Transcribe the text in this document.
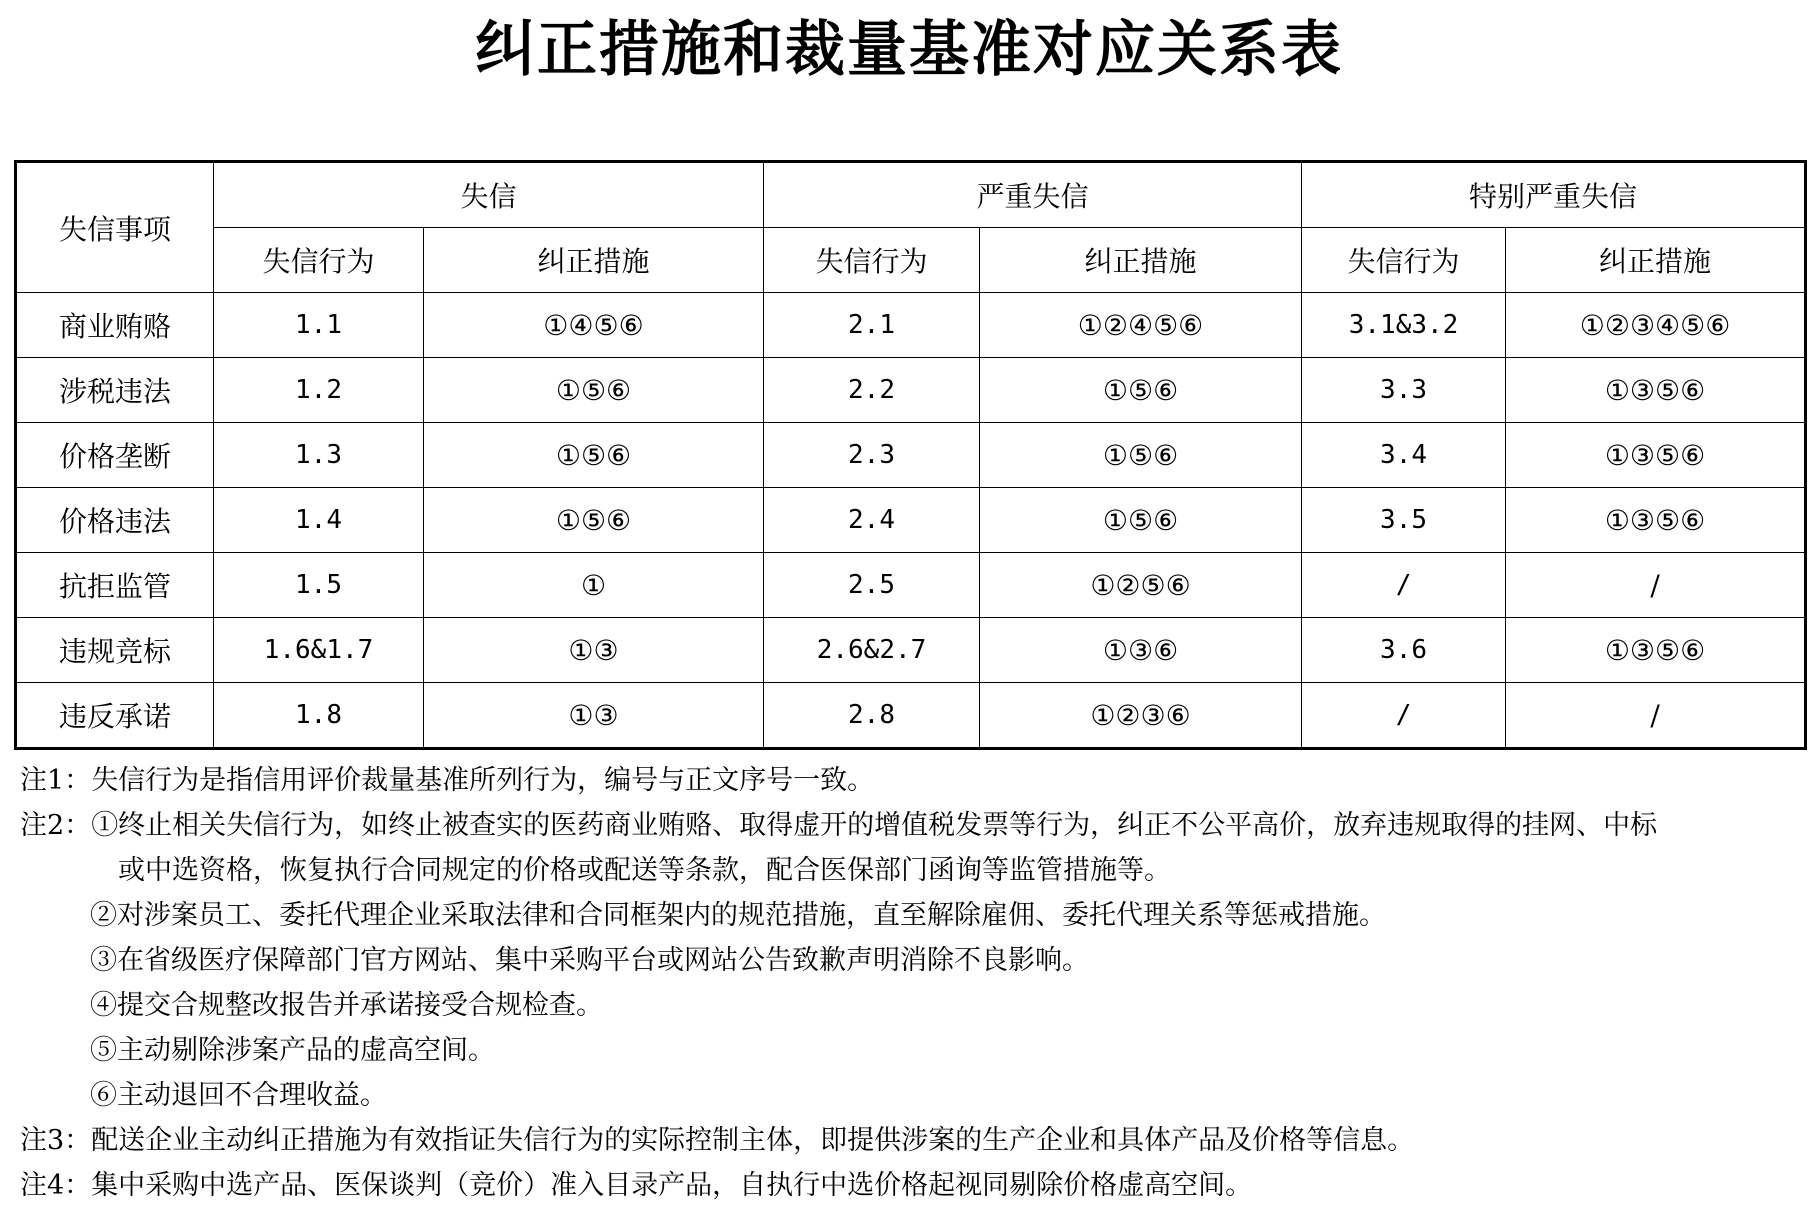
纠正措施和裁量基准对应关系表
失信事项	失信		严重失信		特别严重失信	
	失信行为	纠正措施	失信行为	纠正措施	失信行为	纠正措施
商业贿赂	1.1	①④⑤⑥	2.1	①②④⑤⑥	3.1&3.2	①②③④⑤⑥
涉税违法	1.2	①⑤⑥	2.2	①⑤⑥	3.3	①③⑤⑥
价格垄断	1.3	①⑤⑥	2.3	①⑤⑥	3.4	①③⑤⑥
价格违法	1.4	①⑤⑥	2.4	①⑤⑥	3.5	①③⑤⑥
抗拒监管	1.5	①	2.5	①②⑤⑥	/	/
违规竞标	1.6&1.7	①③	2.6&2.7	①③⑥	3.6	①③⑤⑥
违反承诺	1.8	①③	2.8	①②③⑥	/	/
注1： 失信行为是指信用评价裁量基准所列行为，编号与正文序号一致。
注2： ①终止相关失信行为，如终止被查实的医药商业贿赂、取得虚开的增值税发票等行为，纠正不公平高价，放弃违规取得的挂网、中标
或中选资格，恢复执行合同规定的价格或配送等条款，配合医保部门函询等监管措施等。
②对涉案员工、委托代理企业采取法律和合同框架内的规范措施，直至解除雇佣、委托代理关系等惩戒措施。
③在省级医疗保障部门官方网站、集中采购平台或网站公告致歉声明消除不良影响。
④提交合规整改报告并承诺接受合规检查。
⑤主动剔除涉案产品的虚高空间。
⑥主动退回不合理收益。
注3： 配送企业主动纠正措施为有效指证失信行为的实际控制主体，即提供涉案的生产企业和具体产品及价格等信息。
注4： 集中采购中选产品、医保谈判（竞价）准入目录产品，自执行中选价格起视同剔除价格虚高空间。
